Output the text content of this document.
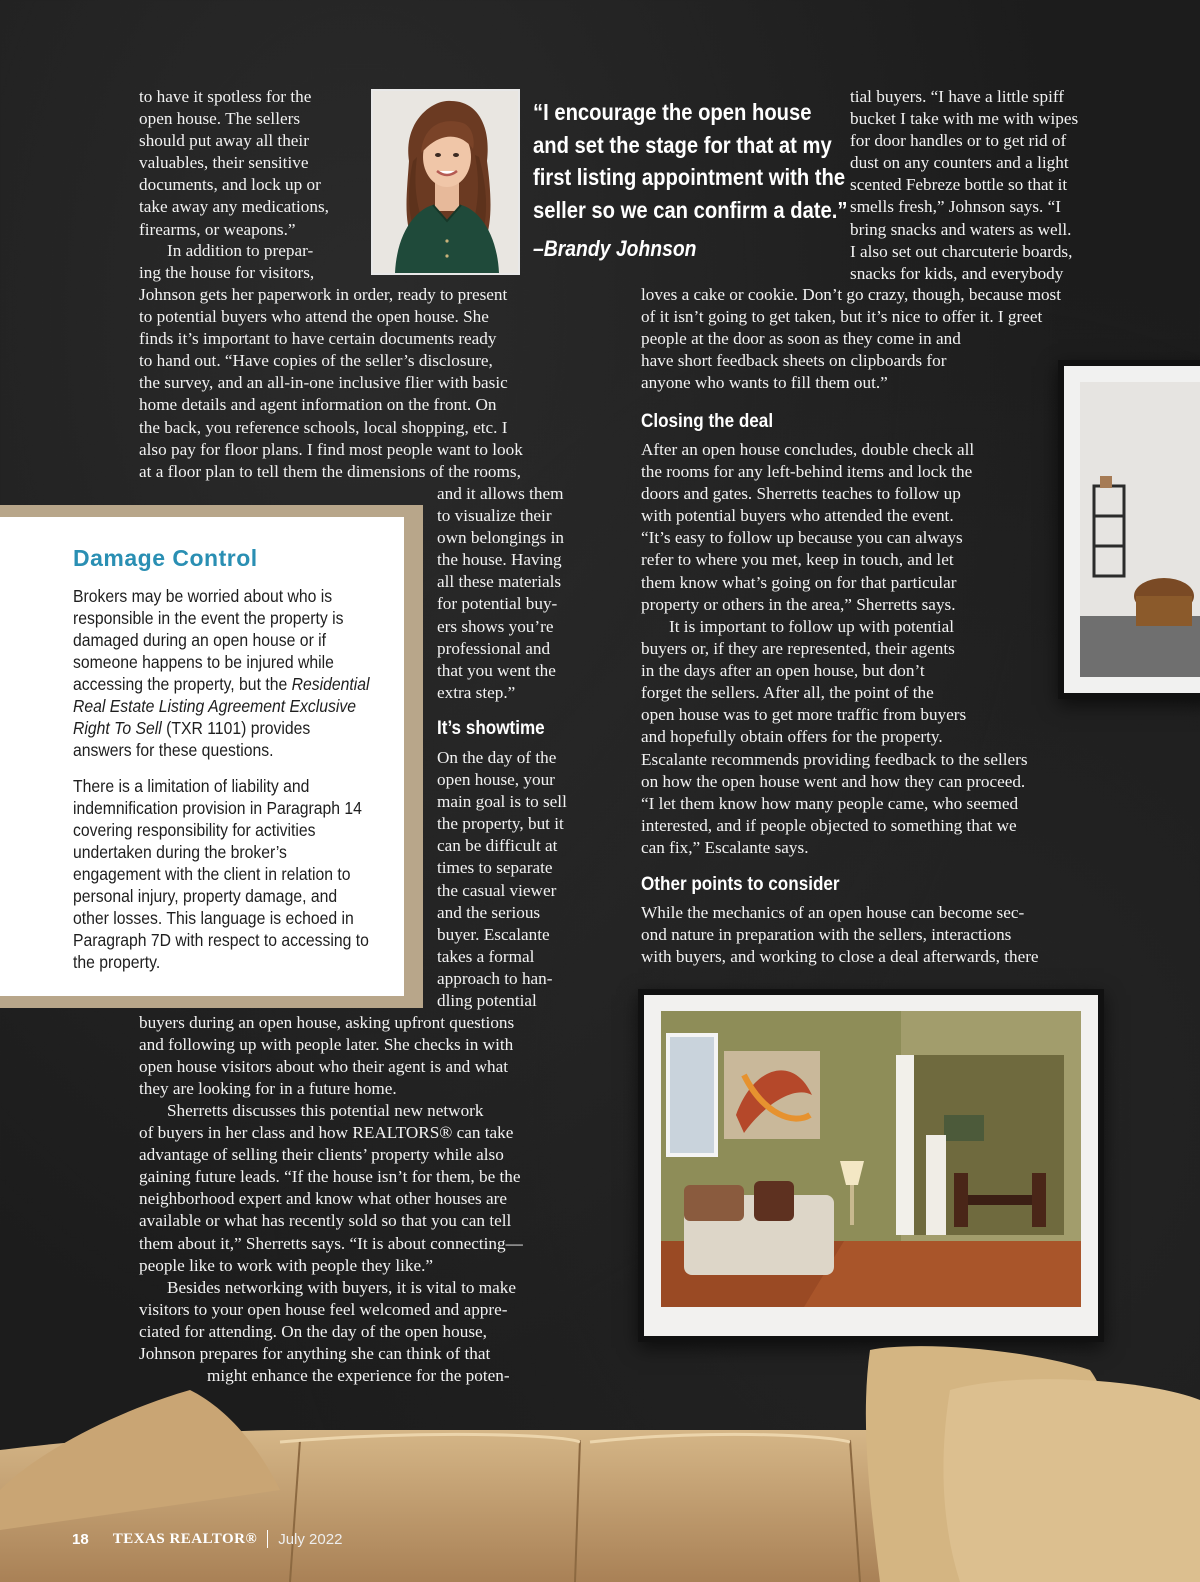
to have it spotless for the
open house. The sellers
should put away all their
valuables, their sensitive
documents, and lock up or
take away any medications,
firearms, or weapons.”
In addition to prepar-
ing the house for visitors,
Johnson gets her paperwork in order, ready to present
to potential buyers who attend the open house. She
finds it’s important to have certain documents ready
to hand out. “Have copies of the seller’s disclosure,
the survey, and an all-in-one inclusive flier with basic
home details and agent information on the front. On
the back, you reference schools, local shopping, etc. I
also pay for floor plans. I find most people want to look
at a floor plan to tell them the dimensions of the rooms,
and it allows them
to visualize their
own belongings in
the house. Having
all these materials
for potential buy-
ers shows you’re
professional and
that you went the
extra step.”
It’s showtime
On the day of the
open house, your
main goal is to sell
the property, but it
can be difficult at
times to separate
the casual viewer
and the serious
buyer. Escalante
takes a formal
approach to han-
dling potential
buyers during an open house, asking upfront questions
and following up with people later. She checks in with
open house visitors about who their agent is and what
they are looking for in a future home.
Sherretts discusses this potential new network
of buyers in her class and how REALTORS® can take
advantage of selling their clients’ property while also
gaining future leads. “If the house isn’t for them, be the
neighborhood expert and know what other houses are
available or what has recently sold so that you can tell
them about it,” Sherretts says. “It is about connecting—
people like to work with people they like.”
Besides networking with buyers, it is vital to make
visitors to your open house feel welcomed and appre-
ciated for attending. On the day of the open house,
Johnson prepares for anything she can think of that
might enhance the experience for the poten-
“I encourage the open house
and set the stage for that at my
first listing appointment with the
seller so we can confirm a date.”
–Brandy Johnson
tial buyers. “I have a little spiff
bucket I take with me with wipes
for door handles or to get rid of
dust on any counters and a light
scented Febreze bottle so that it
smells fresh,” Johnson says. “I
bring snacks and waters as well.
I also set out charcuterie boards,
snacks for kids, and everybody
loves a cake or cookie. Don’t go crazy, though, because most
of it isn’t going to get taken, but it’s nice to offer it. I greet
people at the door as soon as they come in and
have short feedback sheets on clipboards for
anyone who wants to fill them out.”
Closing the deal
After an open house concludes, double check all
the rooms for any left-behind items and lock the
doors and gates. Sherretts teaches to follow up
with potential buyers who attended the event.
“It’s easy to follow up because you can always
refer to where you met, keep in touch, and let
them know what’s going on for that particular
property or others in the area,” Sherretts says.
It is important to follow up with potential
buyers or, if they are represented, their agents
in the days after an open house, but don’t
forget the sellers. After all, the point of the
open house was to get more traffic from buyers
and hopefully obtain offers for the property.
Escalante recommends providing feedback to the sellers
on how the open house went and how they can proceed.
“I let them know how many people came, who seemed
interested, and if people objected to something that we
can fix,” Escalante says.
Other points to consider
While the mechanics of an open house can become sec-
ond nature in preparation with the sellers, interactions
with buyers, and working to close a deal afterwards, there
Damage Control

Brokers may be worried about who is responsible in the event the property is damaged during an open house or if someone happens to be injured while accessing the property, but the Residential Real Estate Listing Agreement Exclusive Right To Sell (TXR 1101) provides answers for these questions.

There is a limitation of liability and indemnification provision in Paragraph 14 covering responsibility for activities undertaken during the broker’s engagement with the client in relation to personal injury, property damage, and other losses. This language is echoed in Paragraph 7D with respect to accessing to the property.

18 TEXAS REALTOR® July 2022
